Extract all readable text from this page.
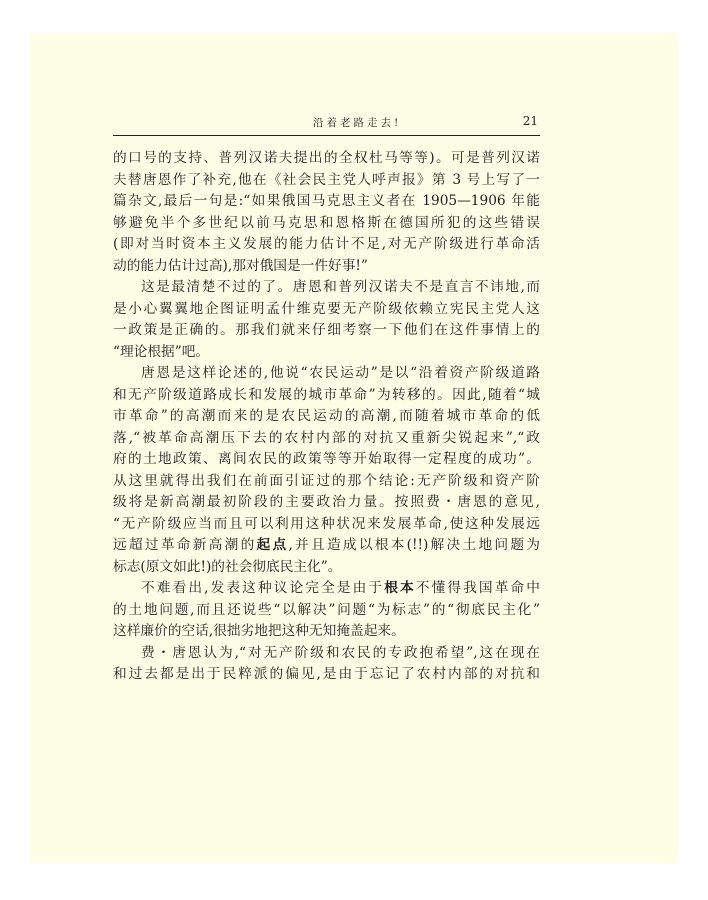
沿着老路走去!	21
的口号的支持、普列汉诺夫提出的全权杜马等等)。可是普列汉诺
夫替唐恩作了补充,他在《社会民主党人呼声报》第 3 号上写了一
篇杂文,最后一句是:“如果俄国马克思主义者在 1905—1906 年能
够避免半个多世纪以前马克思和恩格斯在德国所犯的这些错误
(即对当时资本主义发展的能力估计不足,对无产阶级进行革命活
动的能力估计过高),那对俄国是一件好事!”
这是最清楚不过的了。唐恩和普列汉诺夫不是直言不讳地,而
是小心翼翼地企图证明孟什维克要无产阶级依赖立宪民主党人这
一政策是正确的。那我们就来仔细考察一下他们在这件事情上的
“理论根据”吧。
唐恩是这样论述的,他说“农民运动”是以“沿着资产阶级道路
和无产阶级道路成长和发展的城市革命”为转移的。因此,随着“城
市革命”的高潮而来的是农民运动的高潮,而随着城市革命的低
落,“被革命高潮压下去的农村内部的对抗又重新尖锐起来”,“政
府的土地政策、离间农民的政策等等开始取得一定程度的成功”。
从这里就得出我们在前面引证过的那个结论:无产阶级和资产阶
级将是新高潮最初阶段的主要政治力量。按照费・唐恩的意见,
“无产阶级应当而且可以利用这种状况来发展革命,使这种发展远
远超过革命新高潮的起点,并且造成以根本(!!)解决土地问题为
标志(原文如此!)的社会彻底民主化”。
不难看出,发表这种议论完全是由于根本不懂得我国革命中
的土地问题,而且还说些“以解决”问题“为标志”的“彻底民主化”
这样廉价的空话,很拙劣地把这种无知掩盖起来。
费・唐恩认为,“对无产阶级和农民的专政抱希望”,这在现在
和过去都是出于民粹派的偏见,是由于忘记了农村内部的对抗和
